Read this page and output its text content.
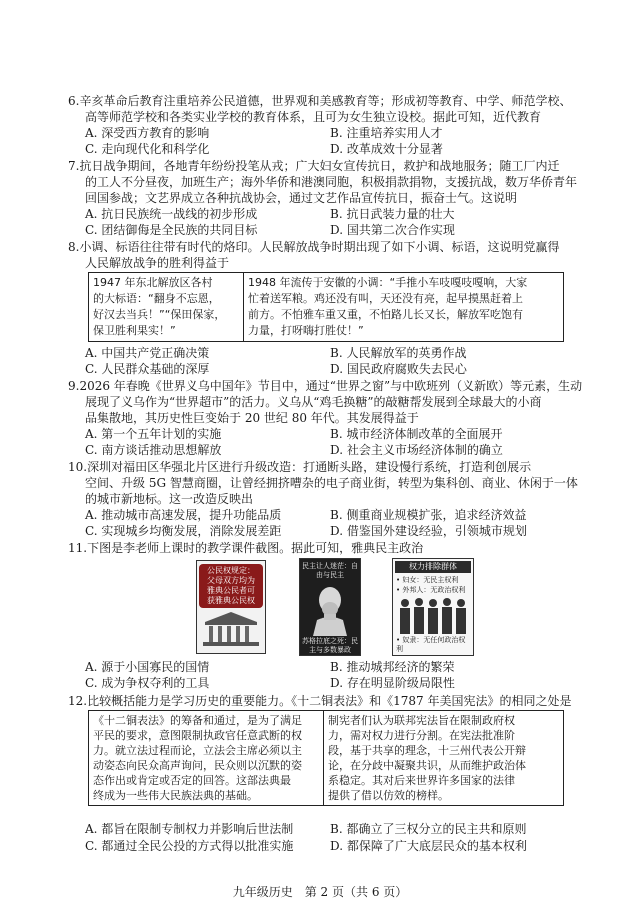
6.辛亥革命后教育注重培养公民道德，世界观和美感教育等；形成初等教育、中学、师范学校、
高等师范学校和各类实业学校的教育体系，且可为女生独立设校。据此可知，近代教育
A. 深受西方教育的影响	B. 注重培养实用人才
C. 走向现代化和科学化	D. 改革成效十分显著
7.抗日战争期间，各地青年纷纷投笔从戎；广大妇女宣传抗日，救护和战地服务；随工厂内迁
的工人不分昼夜，加班生产；海外华侨和港澳同胞，积极捐款捐物，支援抗战，数万华侨青年
回国参战；文艺界成立各种抗战协会，通过文艺作品宣传抗日，振奋士气。这说明
A. 抗日民族统一战线的初步形成	B. 抗日武装力量的壮大
C. 团结御侮是全民族的共同目标	D. 国共第二次合作实现
8.小调、标语往往带有时代的烙印。人民解放战争时期出现了如下小调、标语，这说明党赢得
人民解放战争的胜利得益于
1947 年东北解放区各村
的大标语：“翻身不忘恩，
好汉去当兵！”“保田保家，
保卫胜利果实！”

1948 年流传于安徽的小调：“手推小车吱嘎吱嘎响，大家
忙着送军粮。鸡还没有叫，天还没有亮，起早摸黑赶着上
前方。不怕雅车重又重，不怕路儿长又长，解放军吃饱有
力量，打呀嗨打胜仗！”
A. 中国共产党正确决策	B. 人民解放军的英勇作战
C. 人民群众基础的深厚	D. 国民政府腐败失去民心
9.2026 年春晚《世界义乌中国年》节目中，通过“世界之窗”与中欧班列（义新欧）等元素，生动
展现了义乌作为“世界超市”的活力。义乌从“鸡毛换糖”的敲糖帮发展到全球最大的小商
品集散地，其历史性巨变始于 20 世纪 80 年代。其发展得益于
A. 第一个五年计划的实施	B. 城市经济体制改革的全面展开
C. 南方谈话推动思想解放	D. 社会主义市场经济体制的确立
10.深圳对福田区华强北片区进行升级改造：打通断头路，建设慢行系统，打造利创展示
空间、升级 5G 智慧商圈，让曾经拥挤嘈杂的电子商业街，转型为集科创、商业、休闲于一体
的城市新地标。这一改造反映出
A. 推动城市高速发展，提升功能品质	B. 侧重商业规模扩张，追求经济效益
C. 实现城乡均衡发展，消除发展差距	D. 借鉴国外建设经验，引领城市规划
11.下图是李老师上课时的教学课件截图。据此可知，雅典民主政治
公民权规定：
父母双方均为
雅典公民者可
获雅典公民权
民主让人迷茫：自由与民主
苏格拉底之死：民主与多数暴政
权力排除群体
• 妇女：无民主权利
• 外邦人：无政治权利
• 奴隶：无任何政治权利
A. 源于小国寡民的国情	B. 推动城邦经济的繁荣
C. 成为争权夺利的工具	D. 存在明显阶级局限性
12.比较概括能力是学习历史的重要能力。《十二铜表法》和《1787 年美国宪法》的相同之处是
《十二铜表法》的筹备和通过，是为了满足
平民的要求，意图限制执政官任意武断的权
力。就立法过程而论，立法会主席必须以主
动姿态向民众高声询问，民众则以沉默的姿
态作出或肯定或否定的回答。这部法典最
终成为一些伟大民族法典的基础。

制宪者们认为联邦宪法旨在限制政府权
力，需对权力进行分割。在宪法批准阶
段，基于共享的理念，十三州代表公开辩
论，在分歧中凝聚共识，从而维护政治体
系稳定。其对后来世界许多国家的法律
提供了借以仿效的榜样。
A. 都旨在限制专制权力并影响后世法制	B. 都确立了三权分立的民主共和原则
C. 都通过全民公投的方式得以批准实施	D. 都保障了广大底层民众的基本权利
九年级历史　第 2 页（共 6 页）
